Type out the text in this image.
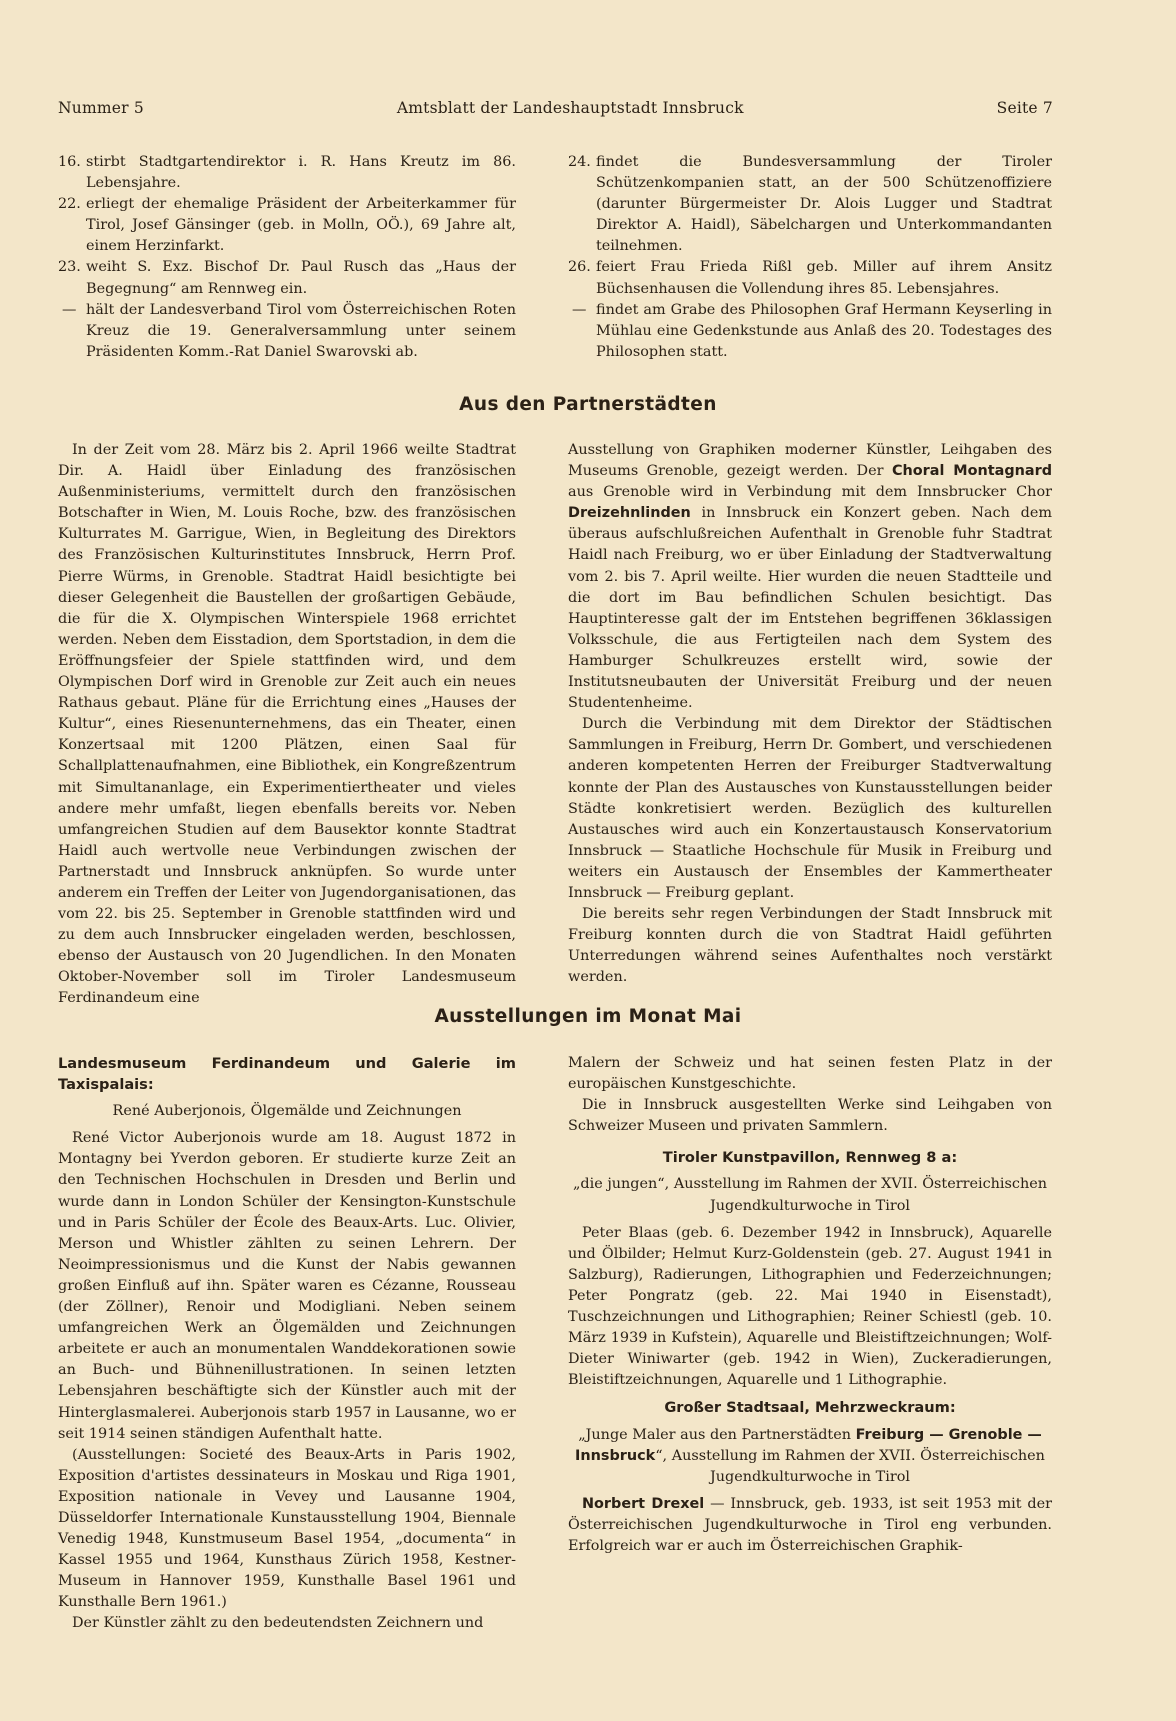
Nummer 5	Amtsblatt der Landeshauptstadt Innsbruck	Seite 7
16. stirbt Stadtgartendirektor i. R. Hans Kreutz im 86. Lebensjahre.
22. erliegt der ehemalige Präsident der Arbeiterkammer für Tirol, Josef Gänsinger (geb. in Molln, OÖ.), 69 Jahre alt, einem Herzinfarkt.
23. weiht S. Exz. Bischof Dr. Paul Rusch das „Haus der Begegnung“ am Rennweg ein.
— hält der Landesverband Tirol vom Österreichischen Roten Kreuz die 19. Generalversammlung unter seinem Präsidenten Komm.-Rat Daniel Swarovski ab.
24. findet die Bundesversammlung der Tiroler Schützenkompanien statt, an der 500 Schützenoffiziere (darunter Bürgermeister Dr. Alois Lugger und Stadtrat Direktor A. Haidl), Säbelchargen und Unterkommandanten teilnehmen.
26. feiert Frau Frieda Rißl geb. Miller auf ihrem Ansitz Büchsenhausen die Vollendung ihres 85. Lebensjahres.
— findet am Grabe des Philosophen Graf Hermann Keyserling in Mühlau eine Gedenkstunde aus Anlaß des 20. Todestages des Philosophen statt.
Aus den Partnerstädten

In der Zeit vom 28. März bis 2. April 1966 weilte Stadtrat Dir. A. Haidl über Einladung des französischen Außenministeriums, vermittelt durch den französischen Botschafter in Wien, M. Louis Roche, bzw. des französischen Kulturrates M. Garrigue, Wien, in Begleitung des Direktors des Französischen Kulturinstitutes Innsbruck, Herrn Prof. Pierre Würms, in Grenoble. Stadtrat Haidl besichtigte bei dieser Gelegenheit die Baustellen der großartigen Gebäude, die für die X. Olympischen Winterspiele 1968 errichtet werden. Neben dem Eisstadion, dem Sportstadion, in dem die Eröffnungsfeier der Spiele stattfinden wird, und dem Olympischen Dorf wird in Grenoble zur Zeit auch ein neues Rathaus gebaut. Pläne für die Errichtung eines „Hauses der Kultur“, eines Riesenunternehmens, das ein Theater, einen Konzertsaal mit 1200 Plätzen, einen Saal für Schallplattenaufnahmen, eine Bibliothek, ein Kongreßzentrum mit Simultananlage, ein Experimentiertheater und vieles andere mehr umfaßt, liegen ebenfalls bereits vor. Neben umfangreichen Studien auf dem Bausektor konnte Stadtrat Haidl auch wertvolle neue Verbindungen zwischen der Partnerstadt und Innsbruck anknüpfen. So wurde unter anderem ein Treffen der Leiter von Jugendorganisationen, das vom 22. bis 25. September in Grenoble stattfinden wird und zu dem auch Innsbrucker eingeladen werden, beschlossen, ebenso der Austausch von 20 Jugendlichen. In den Monaten Oktober-November soll im Tiroler Landesmuseum Ferdinandeum eine

Ausstellung von Graphiken moderner Künstler, Leihgaben des Museums Grenoble, gezeigt werden. Der Choral Montagnard aus Grenoble wird in Verbindung mit dem Innsbrucker Chor Dreizehnlinden in Innsbruck ein Konzert geben. Nach dem überaus aufschlußreichen Aufenthalt in Grenoble fuhr Stadtrat Haidl nach Freiburg, wo er über Einladung der Stadtverwaltung vom 2. bis 7. April weilte. Hier wurden die neuen Stadtteile und die dort im Bau befindlichen Schulen besichtigt. Das Hauptinteresse galt der im Entstehen begriffenen 36klassigen Volksschule, die aus Fertigteilen nach dem System des Hamburger Schulkreuzes erstellt wird, sowie der Institutsneubauten der Universität Freiburg und der neuen Studentenheime.

Durch die Verbindung mit dem Direktor der Städtischen Sammlungen in Freiburg, Herrn Dr. Gombert, und verschiedenen anderen kompetenten Herren der Freiburger Stadtverwaltung konnte der Plan des Austausches von Kunstausstellungen beider Städte konkretisiert werden. Bezüglich des kulturellen Austausches wird auch ein Konzertaustausch Konservatorium Innsbruck — Staatliche Hochschule für Musik in Freiburg und weiters ein Austausch der Ensembles der Kammertheater Innsbruck — Freiburg geplant.

Die bereits sehr regen Verbindungen der Stadt Innsbruck mit Freiburg konnten durch die von Stadtrat Haidl geführten Unterredungen während seines Aufenthaltes noch verstärkt werden.

Ausstellungen im Monat Mai

Landesmuseum Ferdinandeum und Galerie im Taxispalais:

René Auberjonois, Ölgemälde und Zeichnungen

René Victor Auberjonois wurde am 18. August 1872 in Montagny bei Yverdon geboren. Er studierte kurze Zeit an den Technischen Hochschulen in Dresden und Berlin und wurde dann in London Schüler der Kensington-Kunstschule und in Paris Schüler der École des Beaux-Arts. Luc. Olivier, Merson und Whistler zählten zu seinen Lehrern. Der Neoimpressionismus und die Kunst der Nabis gewannen großen Einfluß auf ihn. Später waren es Cézanne, Rousseau (der Zöllner), Renoir und Modigliani. Neben seinem umfangreichen Werk an Ölgemälden und Zeichnungen arbeitete er auch an monumentalen Wanddekorationen sowie an Buch- und Bühnenillustrationen. In seinen letzten Lebensjahren beschäftigte sich der Künstler auch mit der Hinterglasmalerei. Auberjonois starb 1957 in Lausanne, wo er seit 1914 seinen ständigen Aufenthalt hatte.

(Ausstellungen: Societé des Beaux-Arts in Paris 1902, Exposition d'artistes dessinateurs in Moskau und Riga 1901, Exposition nationale in Vevey und Lausanne 1904, Düsseldorfer Internationale Kunstausstellung 1904, Biennale Venedig 1948, Kunstmuseum Basel 1954, „documenta“ in Kassel 1955 und 1964, Kunsthaus Zürich 1958, Kestner-Museum in Hannover 1959, Kunsthalle Basel 1961 und Kunsthalle Bern 1961.)

Der Künstler zählt zu den bedeutendsten Zeichnern und

Malern der Schweiz und hat seinen festen Platz in der europäischen Kunstgeschichte.

Die in Innsbruck ausgestellten Werke sind Leihgaben von Schweizer Museen und privaten Sammlern.

Tiroler Kunstpavillon, Rennweg 8 a:

„die jungen“, Ausstellung im Rahmen der XVII. Österreichischen Jugendkulturwoche in Tirol

Peter Blaas (geb. 6. Dezember 1942 in Innsbruck), Aquarelle und Ölbilder; Helmut Kurz-Goldenstein (geb. 27. August 1941 in Salzburg), Radierungen, Lithographien und Federzeichnungen; Peter Pongratz (geb. 22. Mai 1940 in Eisenstadt), Tuschzeichnungen und Lithographien; Reiner Schiestl (geb. 10. März 1939 in Kufstein), Aquarelle und Bleistiftzeichnungen; Wolf-Dieter Winiwarter (geb. 1942 in Wien), Zuckeradierungen, Bleistiftzeichnungen, Aquarelle und 1 Lithographie.

Großer Stadtsaal, Mehrzweckraum:

„Junge Maler aus den Partnerstädten Freiburg — Grenoble — Innsbruck“, Ausstellung im Rahmen der XVII. Österreichischen Jugendkulturwoche in Tirol

Norbert Drexel — Innsbruck, geb. 1933, ist seit 1953 mit der Österreichischen Jugendkulturwoche in Tirol eng verbunden. Erfolgreich war er auch im Österreichischen Graphik-
